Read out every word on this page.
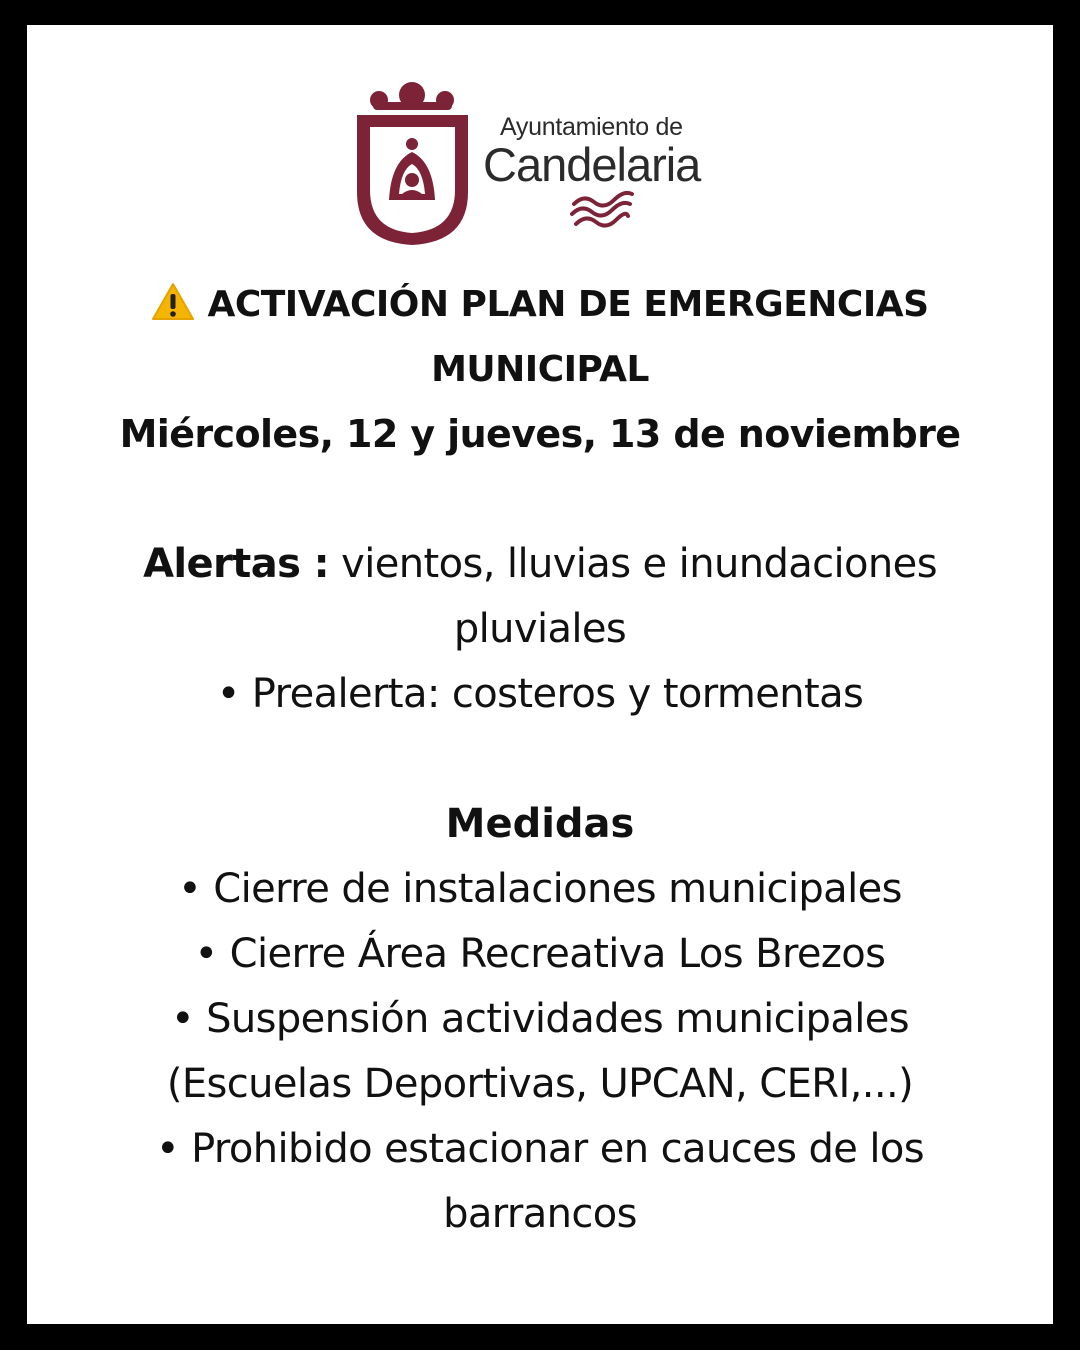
Ayuntamiento de
Candelaria
ACTIVACIÓN PLAN DE EMERGENCIAS
MUNICIPAL
Miércoles, 12 y jueves, 13 de noviembre
Alertas : vientos, lluvias e inundaciones
pluviales
• Prealerta: costeros y tormentas
Medidas
• Cierre de instalaciones municipales
• Cierre Área Recreativa Los Brezos
• Suspensión actividades municipales
(Escuelas Deportivas, UPCAN, CERI,...)
• Prohibido estacionar en cauces de los
barrancos
